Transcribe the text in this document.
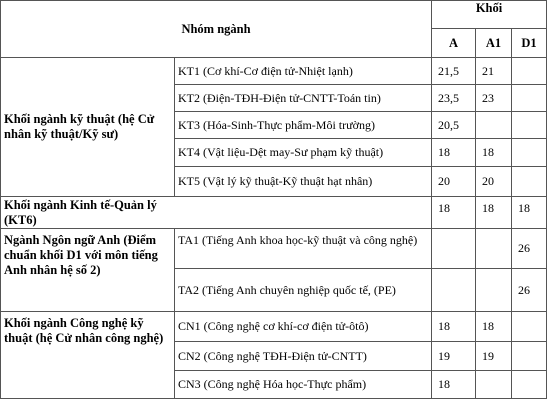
Nhóm ngành		Khối		
		A	A1	D1
Khối ngành kỹ thuật (hệ Cử nhân kỹ thuật/Kỹ sư)	KT1 (Cơ khí-Cơ điện tử-Nhiệt lạnh)	21,5	21	
	KT2 (Điện-TĐH-Điện tử-CNTT-Toán tin)	23,5	23	
	KT3 (Hóa-Sinh-Thực phẩm-Môi trường)	20,5		
	KT4 (Vật liệu-Dệt may-Sư phạm kỹ thuật)	18	18	
	KT5 (Vật lý kỹ thuật-Kỹ thuật hạt nhân)	20	20	
Khối ngành Kinh tế-Quản lý (KT6)		18	18	18
Ngành Ngôn ngữ Anh (Điểm chuẩn khối D1 với môn tiếng Anh nhân hệ số 2)	TA1 (Tiếng Anh khoa học-kỹ thuật và công nghệ)			26
	TA2 (Tiếng Anh chuyên nghiệp quốc tế, (PE)			26
Khối ngành Công nghệ kỹ thuật (hệ Cử nhân công nghệ)	CN1 (Công nghệ cơ khí-cơ điện tử-ôtô)	18	18	
	CN2 (Công nghệ TĐH-Điện tử-CNTT)	19	19	
	CN3 (Công nghệ Hóa học-Thực phẩm)	18		
